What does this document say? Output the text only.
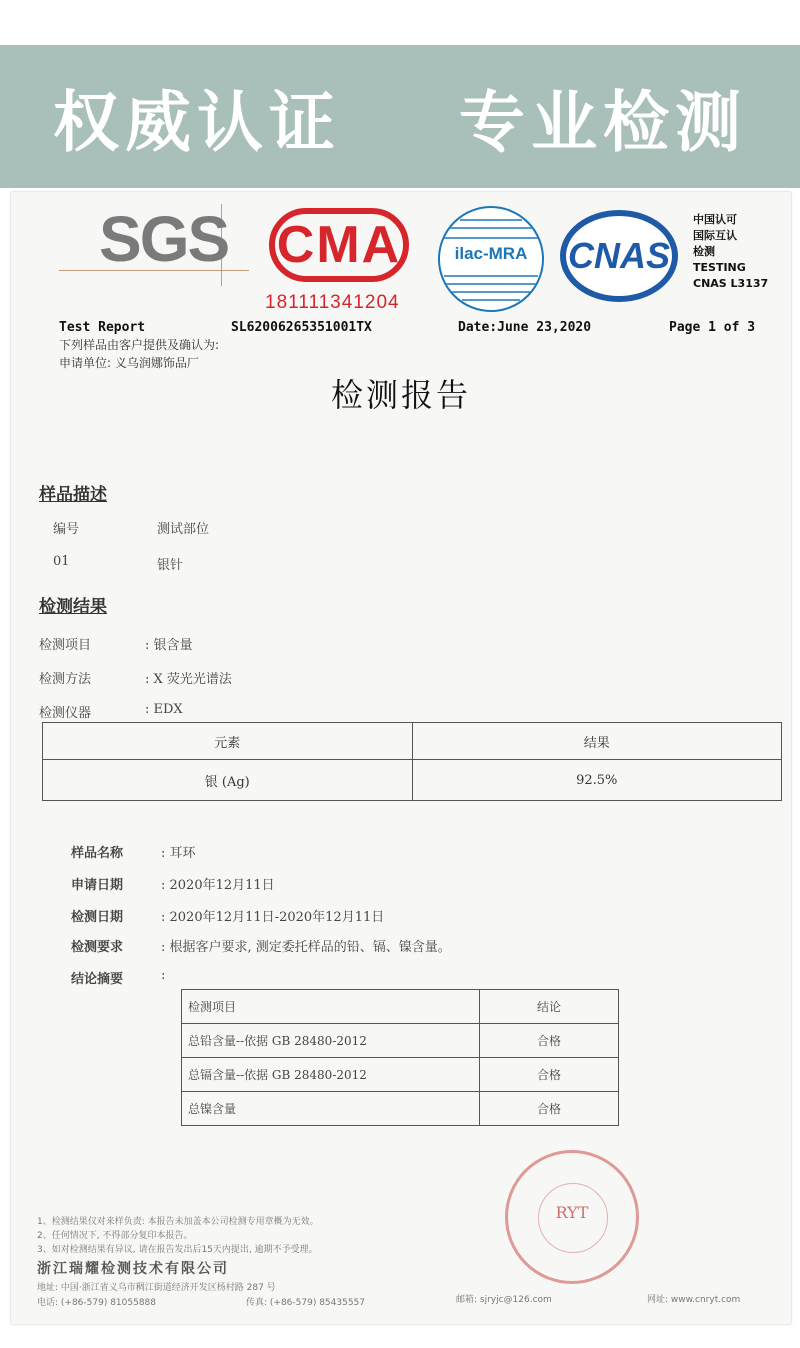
权威认证  专业检测
SGS CMA
181111341204
ilac-MRA	CNAS
中国认可
国际互认
检测
TESTING
CNAS L3137
Test Report	SL62006265351001TX	Date:June 23,2020	Page 1 of 3
下列样品由客户提供及确认为:
申请单位: 义乌润娜饰品厂
检测报告
样品描述
编号	测试部位
01	银针
检测结果
检测项目	: 银含量
检测方法	: X 荧光光谱法
检测仪器	: EDX
元素	结果
银 (Ag)	92.5%
样品名称	: 耳环
申请日期	: 2020年12月11日
检测日期	: 2020年12月11日-2020年12月11日
检测要求	: 根据客户要求, 测定委托样品的铅、镉、镍含量。
结论摘要	:
检测项目	结论
总铅含量--依据 GB 28480-2012	合格
总镉含量--依据 GB 28480-2012	合格
总镍含量	合格
RYT
1、检测结果仅对来样负责: 本报告未加盖本公司检测专用章概为无效。
2、任何情况下, 不得部分复印本报告。
3、如对检测结果有异议, 请在报告发出后15天内提出, 逾期不予受理。
浙江瑞耀检测技术有限公司
地址: 中国·浙江省义乌市稠江街道经济开发区杨村路 287 号
电话: (+86-579) 81055888	传真: (+86-579) 85435557	邮箱: sjryjc@126.com	网址: www.cnryt.com
